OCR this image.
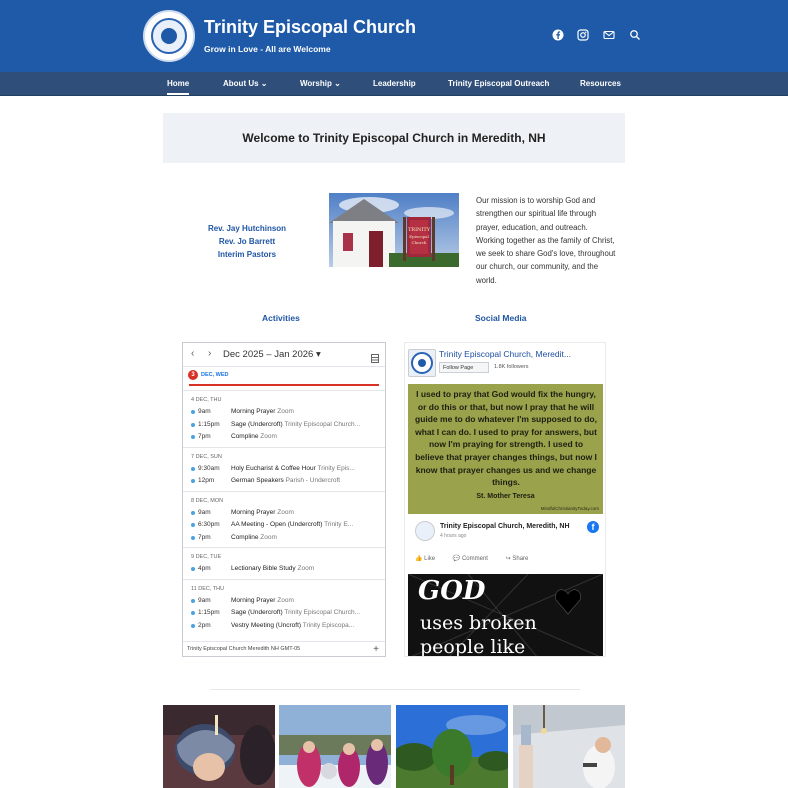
Trinity Episcopal Church
Grow in Love - All are Welcome
Home	About Us ⌄	Worship ⌄	Leadership	Trinity Episcopal Outreach	Resources
Welcome to Trinity Episcopal Church in Meredith, NH
Rev. Jay Hutchinson
Rev. Jo Barrett
Interim Pastors
TRINITY
Episcopal
Church
Our mission is to worship God and strengthen our spiritual life through prayer, education, and outreach. Working together as the family of Christ, we seek to share God's love, throughout our church, our community, and the world.
Activities	Social Media
‹ › Dec 2025 – Jan 2026 ▾
3 DEC, WED
4 DEC, THU
9am	Morning Prayer Zoom
1:15pm Sage (Undercroft) Trinity Episcopal Church...
7pm	Compline Zoom
7 DEC, SUN
9:30am Holy Eucharist & Coffee Hour Trinity Epis...
12pm	German Speakers Parish - Undercroft
8 DEC, MON
9am	Morning Prayer Zoom
6:30pm AA Meeting - Open (Undercroft) Trinity E...
7pm	Compline Zoom
9 DEC, TUE
4pm	Lectionary Bible Study Zoom
11 DEC, THU
9am	Morning Prayer Zoom
1:15pm Sage (Undercroft) Trinity Episcopal Church...
2pm	Vestry Meeting (Uncroft) Trinity Episcopa...
Trinity Episcopal Church Meredith NH GMT-05	+
Trinity Episcopal Church, Meredit...
Follow Page	1.8K followers
I used to pray that God would fix the hungry, or do this or that, but now I pray that he will guide me to do whatever I'm supposed to do, what I can do. I used to pray for answers, but now I'm praying for strength. I used to believe that prayer changes things, but now I know that prayer changes us and we change things.
St. Mother Teresa
MindfulChristianityToday.com
Trinity Episcopal Church, Meredith, NH
4 hours ago
f
👍 Like	💬 Comment	↪ Share
GOD
uses broken
people like
